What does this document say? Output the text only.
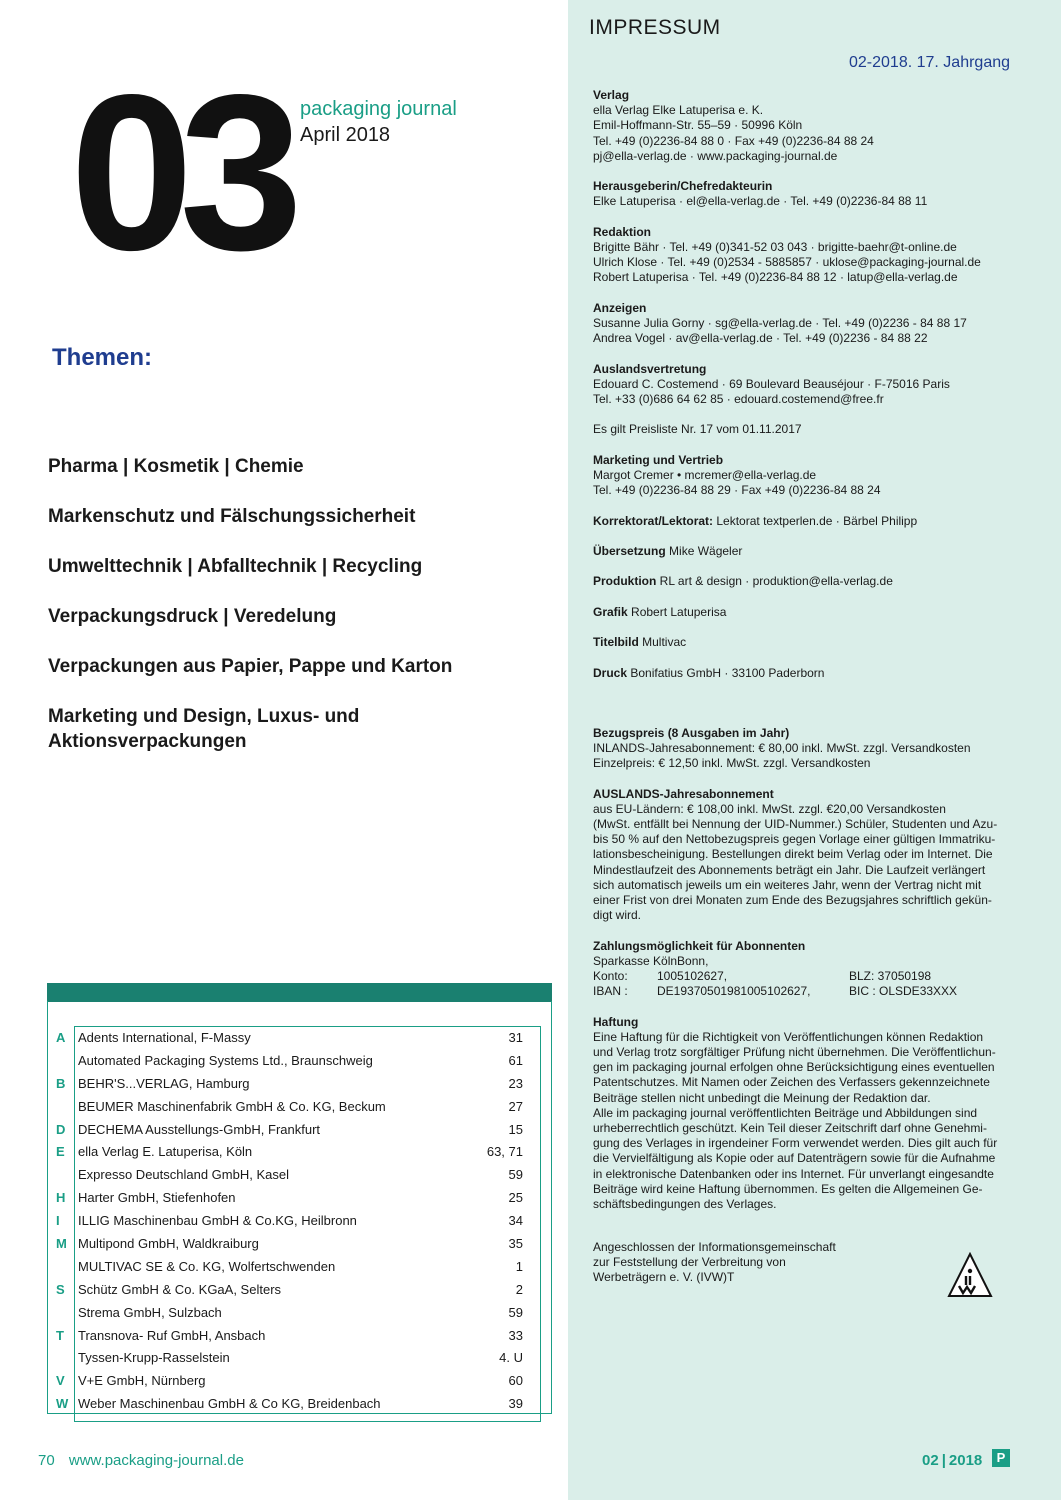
03 packaging journal
April 2018
Themen:
Pharma | Kosmetik | Chemie
Markenschutz und Fälschungssicherheit
Umwelttechnik | Abfalltechnik | Recycling
Verpackungsdruck | Veredelung
Verpackungen aus Papier, Pappe und Karton
Marketing und Design, Luxus- und
Aktionsverpackungen
A Adents International, F-Massy	31
Automated Packaging Systems Ltd., Braunschweig	61
B BEHR'S...VERLAG, Hamburg	23
BEUMER Maschinenfabrik GmbH & Co. KG, Beckum	27
D DECHEMA Ausstellungs-GmbH, Frankfurt	15
E ella Verlag E. Latuperisa, Köln	63, 71
Expresso Deutschland GmbH, Kasel	59
H Harter GmbH, Stiefenhofen	25
I ILLIG Maschinenbau GmbH & Co.KG, Heilbronn	34
M Multipond GmbH, Waldkraiburg	35
MULTIVAC SE & Co. KG, Wolfertschwenden	1
S Schütz GmbH & Co. KGaA, Selters	2
Strema GmbH, Sulzbach	59
T Transnova- Ruf GmbH, Ansbach	33
Tyssen-Krupp-Rasselstein	4. U
V V+E GmbH, Nürnberg	60
W Weber Maschinenbau GmbH & Co KG, Breidenbach	39
70 www.packaging-journal.de	02 | 2018	P
IMPRESSUM
02-2018. 17. Jahrgang
Verlag
ella Verlag Elke Latuperisa e. K.
Emil-Hoffmann-Str. 55–59 · 50996 Köln
Tel. +49 (0)2236-84 88 0 · Fax +49 (0)2236-84 88 24
pj@ella-verlag.de · www.packaging-journal.de
Herausgeberin/Chefredakteurin
Elke Latuperisa · el@ella-verlag.de · Tel. +49 (0)2236-84 88 11
Redaktion
Brigitte Bähr · Tel. +49 (0)341-52 03 043 · brigitte-baehr@t-online.de
Ulrich Klose · Tel. +49 (0)2534 - 5885857 · uklose@packaging-journal.de
Robert Latuperisa · Tel. +49 (0)2236-84 88 12 · latup@ella-verlag.de
Anzeigen
Susanne Julia Gorny · sg@ella-verlag.de · Tel. +49 (0)2236 - 84 88 17
Andrea Vogel · av@ella-verlag.de · Tel. +49 (0)2236 - 84 88 22
Auslandsvertretung
Edouard C. Costemend · 69 Boulevard Beauséjour · F-75016 Paris
Tel. +33 (0)686 64 62 85 · edouard.costemend@free.fr
Es gilt Preisliste Nr. 17 vom 01.11.2017
Marketing und Vertrieb
Margot Cremer • mcremer@ella-verlag.de
Tel. +49 (0)2236-84 88 29 · Fax +49 (0)2236-84 88 24
Korrektorat/Lektorat: Lektorat textperlen.de · Bärbel Philipp
Übersetzung Mike Wägeler
Produktion RL art & design · produktion@ella-verlag.de
Grafik Robert Latuperisa
Titelbild Multivac
Druck Bonifatius GmbH · 33100 Paderborn
Bezugspreis (8 Ausgaben im Jahr)
INLANDS-Jahresabonnement: € 80,00 inkl. MwSt. zzgl. Versandkosten
Einzelpreis: € 12,50 inkl. MwSt. zzgl. Versandkosten
AUSLANDS-Jahresabonnement
aus EU-Ländern: € 108,00 inkl. MwSt. zzgl. €20,00 Versandkosten
(MwSt. entfällt bei Nennung der UID-Nummer.) Schüler, Studenten und Azu-
bis 50 % auf den Nettobezugspreis gegen Vorlage einer gültigen Immatriku-
lationsbescheinigung. Bestellungen direkt beim Verlag oder im Internet. Die
Mindestlaufzeit des Abonnements beträgt ein Jahr. Die Laufzeit verlängert
sich automatisch jeweils um ein weiteres Jahr, wenn der Vertrag nicht mit
einer Frist von drei Monaten zum Ende des Bezugsjahres schriftlich gekün-
digt wird.
Zahlungsmöglichkeit für Abonnenten
Sparkasse KölnBonn,
Konto:	1005102627,	BLZ: 37050198
IBAN :	DE19370501981005102627,	BIC : OLSDE33XXX
Haftung
Eine Haftung für die Richtigkeit von Veröffentlichungen können Redaktion
und Verlag trotz sorgfältiger Prüfung nicht übernehmen. Die Veröffentlichun-
gen im packaging journal erfolgen ohne Berücksichtigung eines eventuellen
Patentschutzes. Mit Namen oder Zeichen des Verfassers gekennzeichnete
Beiträge stellen nicht unbedingt die Meinung der Redaktion dar.
Alle im packaging journal veröffentlichten Beiträge und Abbildungen sind
urheberrechtlich geschützt. Kein Teil dieser Zeitschrift darf ohne Genehmi-
gung des Verlages in irgendeiner Form verwendet werden. Dies gilt auch für
die Vervielfältigung als Kopie oder auf Datenträgern sowie für die Aufnahme
in elektronische Datenbanken oder ins Internet. Für unverlangt eingesandte
Beiträge wird keine Haftung übernommen. Es gelten die Allgemeinen Ge-
schäftsbedingungen des Verlages.
Angeschlossen der Informationsgemeinschaft
zur Feststellung der Verbreitung von
Werbeträgern e. V. (IVW)T
